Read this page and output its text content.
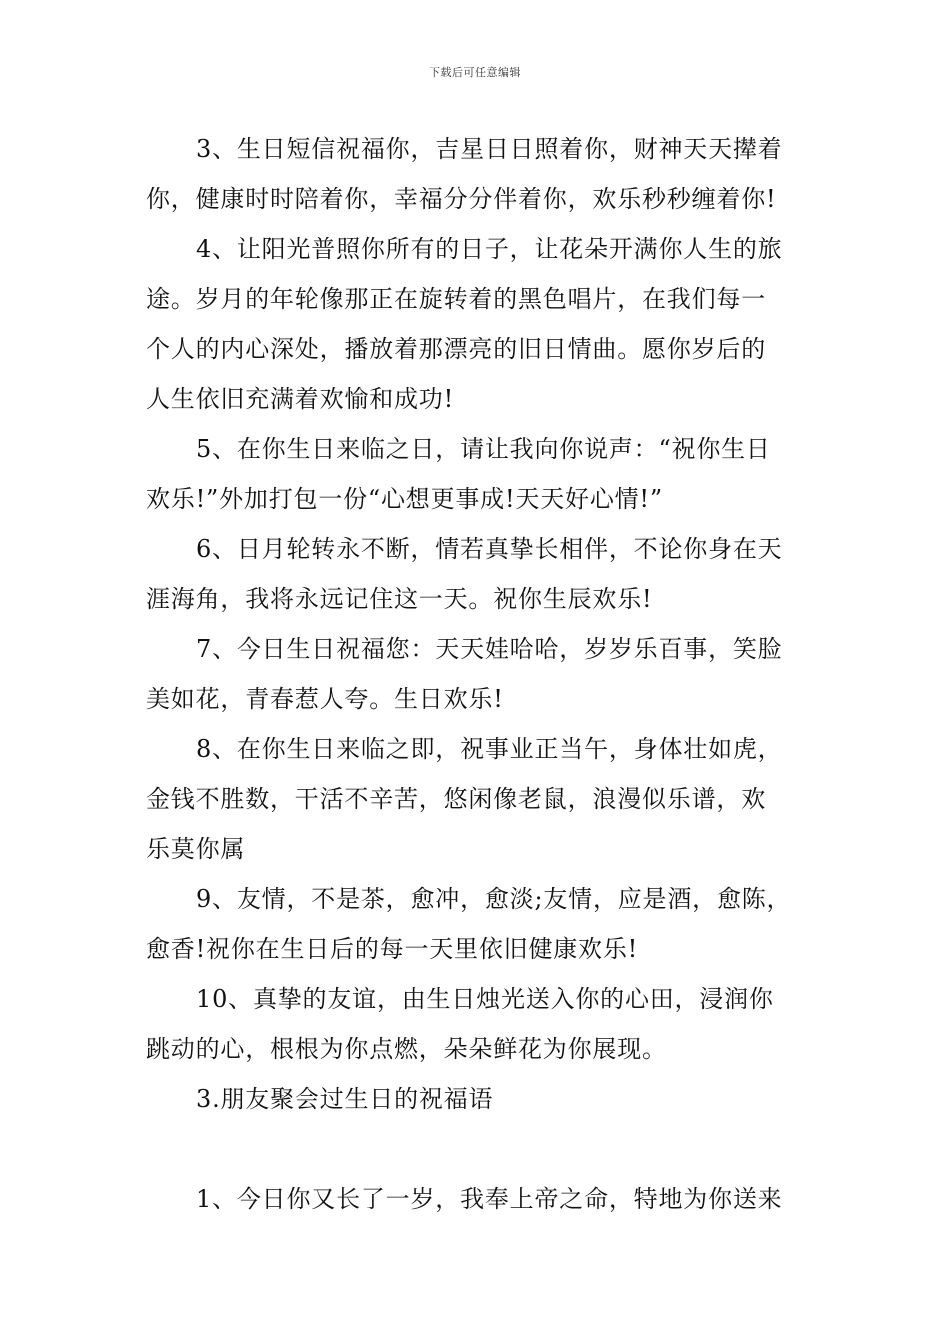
下载后可任意编辑
3、生日短信祝福你，吉星日日照着你，财神天天撵着
你，健康时时陪着你，幸福分分伴着你，欢乐秒秒缠着你!
4、让阳光普照你所有的日子，让花朵开满你人生的旅
途。岁月的年轮像那正在旋转着的黑色唱片，在我们每一
个人的内心深处，播放着那漂亮的旧日情曲。愿你岁后的
人生依旧充满着欢愉和成功!
5、在你生日来临之日，请让我向你说声：“祝你生日
欢乐!”外加打包一份“心想更事成!天天好心情!”
6、日月轮转永不断，情若真挚长相伴，不论你身在天
涯海角，我将永远记住这一天。祝你生辰欢乐!
7、今日生日祝福您：天天娃哈哈，岁岁乐百事，笑脸
美如花，青春惹人夸。生日欢乐!
8、在你生日来临之即，祝事业正当午，身体壮如虎，
金钱不胜数，干活不辛苦，悠闲像老鼠，浪漫似乐谱，欢
乐莫你属
9、友情，不是茶，愈冲，愈淡;友情，应是酒，愈陈，
愈香!祝你在生日后的每一天里依旧健康欢乐!
10、真挚的友谊，由生日烛光送入你的心田，浸润你
跳动的心，根根为你点燃，朵朵鲜花为你展现。
3.朋友聚会过生日的祝福语
1、今日你又长了一岁，我奉上帝之命，特地为你送来
